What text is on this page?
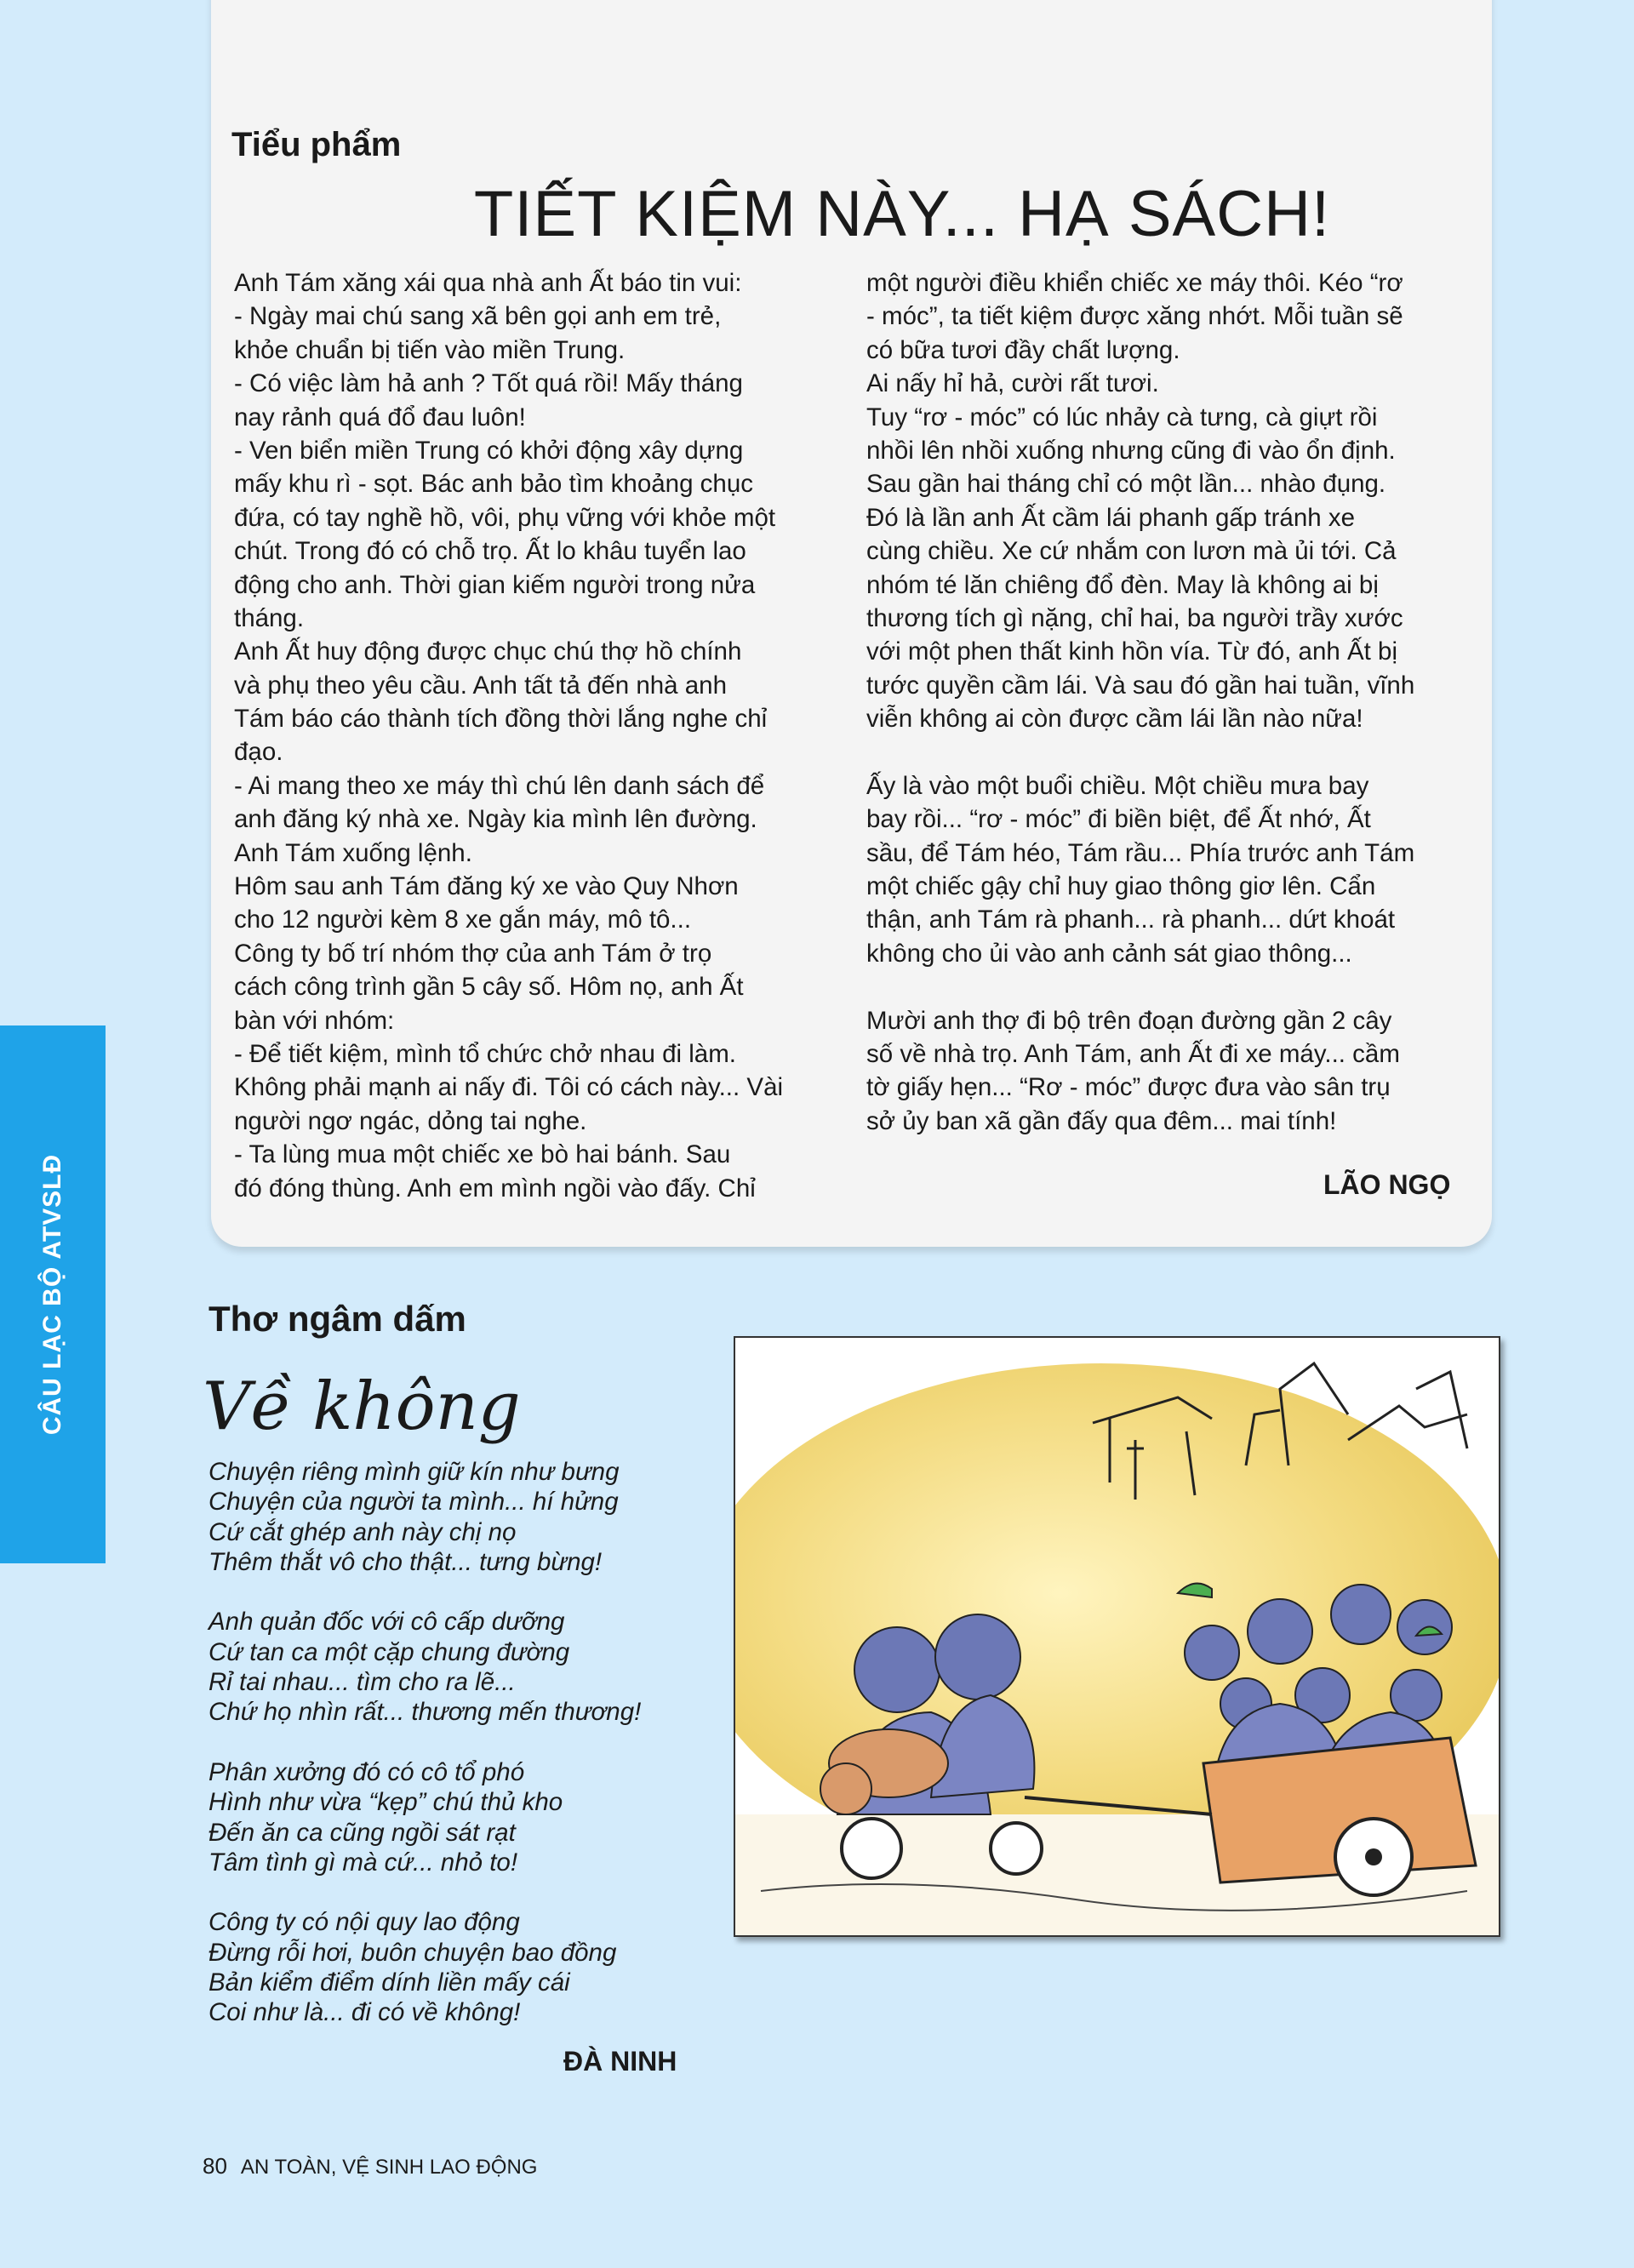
CÂU LẠC BỘ ATVSLĐ
Tiểu phẩm
TIẾT KIỆM NÀY... HẠ SÁCH!
Anh Tám xăng xái qua nhà anh Ất báo tin vui:
- Ngày mai chú sang xã bên gọi anh em trẻ,
khỏe chuẩn bị tiến vào miền Trung.
- Có việc làm hả anh ? Tốt quá rồi! Mấy tháng
nay rảnh quá đổ đau luôn!
- Ven biển miền Trung có khởi động xây dựng
mấy khu rì - sọt. Bác anh bảo tìm khoảng chục
đứa, có tay nghề hồ, vôi, phụ vững với khỏe một
chút. Trong đó có chỗ trọ. Ất lo khâu tuyển lao
động cho anh. Thời gian kiếm người trong nửa
tháng.
Anh Ất huy động được chục chú thợ hồ chính
và phụ theo yêu cầu. Anh tất tả đến nhà anh
Tám báo cáo thành tích đồng thời lắng nghe chỉ
đạo.
- Ai mang theo xe máy thì chú lên danh sách để
anh đăng ký nhà xe. Ngày kia mình lên đường.
Anh Tám xuống lệnh.
Hôm sau anh Tám đăng ký xe vào Quy Nhơn
cho 12 người kèm 8 xe gắn máy, mô tô...
Công ty bố trí nhóm thợ của anh Tám ở trọ
cách công trình gần 5 cây số. Hôm nọ, anh Ất
bàn với nhóm:
- Để tiết kiệm, mình tổ chức chở nhau đi làm.
Không phải mạnh ai nấy đi. Tôi có cách này... Vài
người ngơ ngác, dỏng tai nghe.
- Ta lùng mua một chiếc xe bò hai bánh. Sau
đó đóng thùng. Anh em mình ngồi vào đấy. Chỉ
một người điều khiển chiếc xe máy thôi. Kéo “rơ
- móc”, ta tiết kiệm được xăng nhớt. Mỗi tuần sẽ
có bữa tươi đầy chất lượng.
Ai nấy hỉ hả, cười rất tươi.
Tuy “rơ - móc” có lúc nhảy cà tưng, cà giựt rồi
nhồi lên nhồi xuống nhưng cũng đi vào ổn định.
Sau gần hai tháng chỉ có một lần... nhào đụng.
Đó là lần anh Ất cầm lái phanh gấp tránh xe
cùng chiều. Xe cứ nhắm con lươn mà ủi tới. Cả
nhóm té lăn chiêng đổ đèn. May là không ai bị
thương tích gì nặng, chỉ hai, ba người trầy xước
với một phen thất kinh hồn vía. Từ đó, anh Ất bị
tước quyền cầm lái. Và sau đó gần hai tuần, vĩnh
viễn không ai còn được cầm lái lần nào nữa!
Ấy là vào một buổi chiều. Một chiều mưa bay
bay rồi... “rơ - móc” đi biền biệt, để Ất nhớ, Ất
sầu, để Tám héo, Tám rầu... Phía trước anh Tám
một chiếc gậy chỉ huy giao thông giơ lên. Cẩn
thận, anh Tám rà phanh... rà phanh... dứt khoát
không cho ủi vào anh cảnh sát giao thông...
Mười anh thợ đi bộ trên đoạn đường gần 2 cây
số về nhà trọ. Anh Tám, anh Ất đi xe máy... cầm
tờ giấy hẹn... “Rơ - móc” được đưa vào sân trụ
sở ủy ban xã gần đấy qua đêm... mai tính!
LÃO NGỌ
Thơ ngâm dấm
Về không
Chuyện riêng mình giữ kín như bưng
Chuyện của người ta mình... hí hửng
Cứ cắt ghép anh này chị nọ
Thêm thắt vô cho thật... tưng bừng!
Anh quản đốc với cô cấp dưỡng
Cứ tan ca một cặp chung đường
Rỉ tai nhau... tìm cho ra lẽ...
Chứ họ nhìn rất... thương mến thương!
Phân xưởng đó có cô tổ phó
Hình như vừa “kẹp” chú thủ kho
Đến ăn ca cũng ngồi sát rạt
Tâm tình gì mà cứ... nhỏ to!
Công ty có nội quy lao động
Đừng rỗi hơi, buôn chuyện bao đồng
Bản kiểm điểm dính liền mấy cái
Coi như là... đi có về không!
ĐÀ NINH
80 AN TOÀN, VỆ SINH LAO ĐỘNG
